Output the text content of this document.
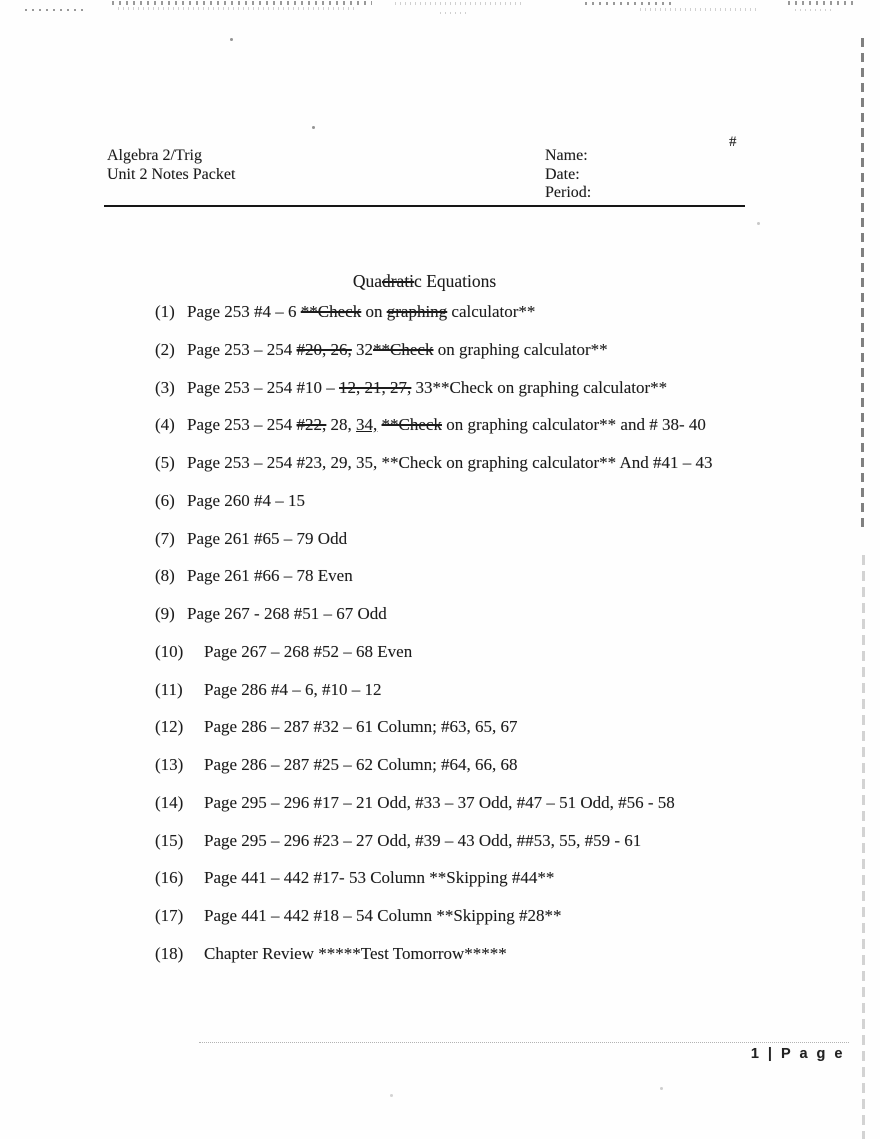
#
Algebra 2/Trig
Unit 2 Notes Packet
Name:
Date:
Period:
Quadratic Equations
(1) Page 253 #4 – 6 **Check on graphing calculator**
(2) Page 253 – 254 #20, 26, 32**Check on graphing calculator**
(3) Page 253 – 254 #10 – 12, 21, 27, 33**Check on graphing calculator**
(4) Page 253 – 254 #22, 28, 34, **Check on graphing calculator** and # 38- 40
(5) Page 253 – 254 #23, 29, 35, **Check on graphing calculator** And #41 – 43
(6) Page 260 #4 – 15
(7) Page 261 #65 – 79 Odd
(8) Page 261 #66 – 78 Even
(9) Page 267 - 268 #51 – 67 Odd
(10) Page 267 – 268 #52 – 68 Even
(11) Page 286 #4 – 6, #10 – 12
(12) Page 286 – 287 #32 – 61 Column; #63, 65, 67
(13) Page 286 – 287 #25 – 62 Column; #64, 66, 68
(14) Page 295 – 296 #17 – 21 Odd, #33 – 37 Odd, #47 – 51 Odd, #56 - 58
(15) Page 295 – 296 #23 – 27 Odd, #39 – 43 Odd, ##53, 55, #59 - 61
(16) Page 441 – 442 #17- 53 Column **Skipping #44**
(17) Page 441 – 442 #18 – 54 Column **Skipping #28**
(18) Chapter Review *****Test Tomorrow*****
1 | P a g e
